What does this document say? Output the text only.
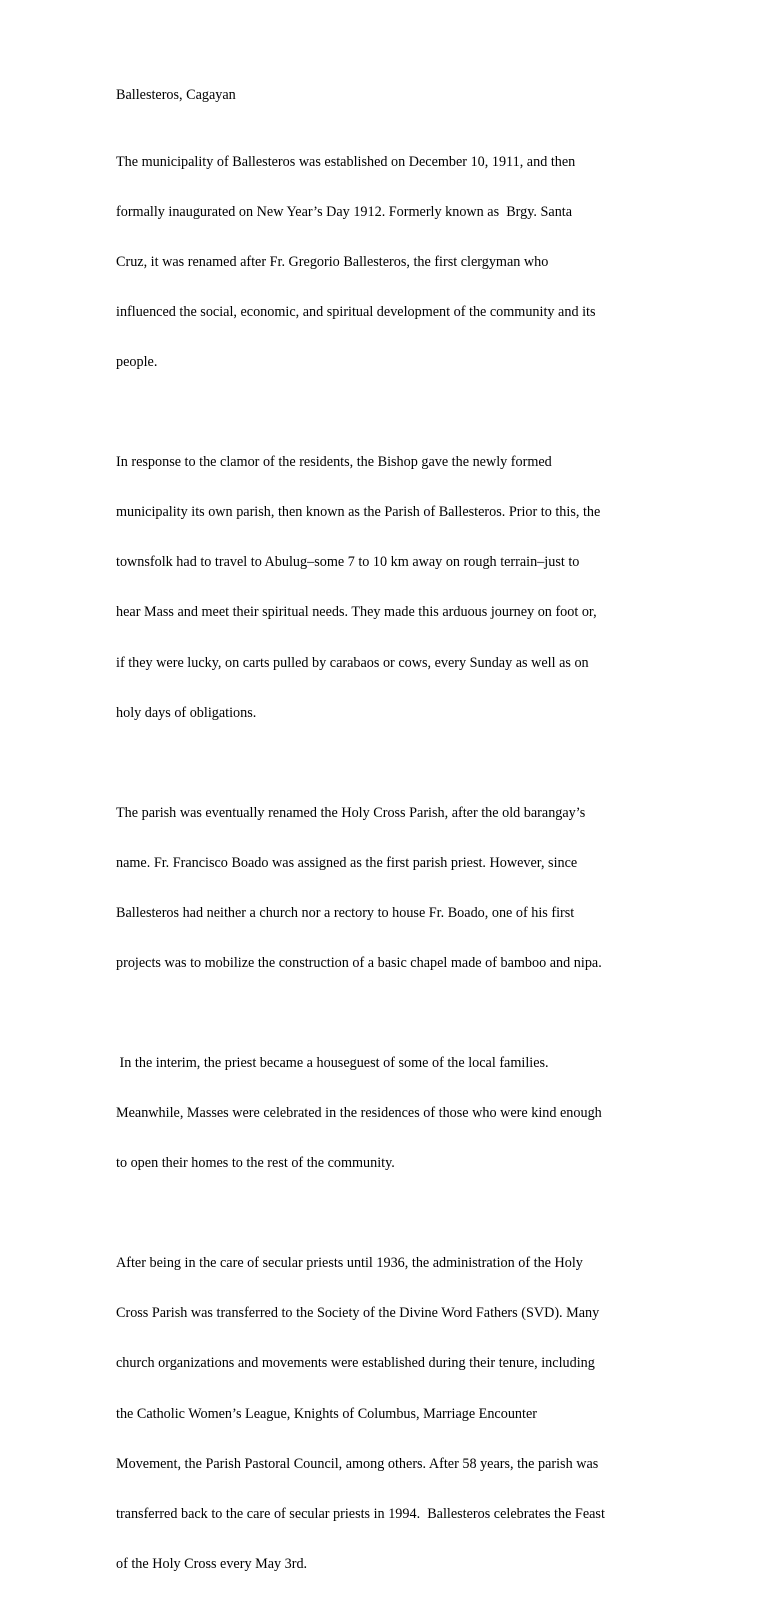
Ballesteros, Cagayan

The municipality of Ballesteros was established on December 10, 1911, and then

formally inaugurated on New Year’s Day 1912. Formerly known as  Brgy. Santa

Cruz, it was renamed after Fr. Gregorio Ballesteros, the first clergyman who

influenced the social, economic, and spiritual development of the community and its

people.

In response to the clamor of the residents, the Bishop gave the newly formed

municipality its own parish, then known as the Parish of Ballesteros. Prior to this, the

townsfolk had to travel to Abulug–some 7 to 10 km away on rough terrain–just to

hear Mass and meet their spiritual needs. They made this arduous journey on foot or,

if they were lucky, on carts pulled by carabaos or cows, every Sunday as well as on

holy days of obligations.

The parish was eventually renamed the Holy Cross Parish, after the old barangay’s

name. Fr. Francisco Boado was assigned as the first parish priest. However, since

Ballesteros had neither a church nor a rectory to house Fr. Boado, one of his first

projects was to mobilize the construction of a basic chapel made of bamboo and nipa.

In the interim, the priest became a houseguest of some of the local families.

Meanwhile, Masses were celebrated in the residences of those who were kind enough

to open their homes to the rest of the community.

After being in the care of secular priests until 1936, the administration of the Holy

Cross Parish was transferred to the Society of the Divine Word Fathers (SVD). Many

church organizations and movements were established during their tenure, including

the Catholic Women’s League, Knights of Columbus, Marriage Encounter

Movement, the Parish Pastoral Council, among others. After 58 years, the parish was

transferred back to the care of secular priests in 1994.  Ballesteros celebrates the Feast

of the Holy Cross every May 3rd.
